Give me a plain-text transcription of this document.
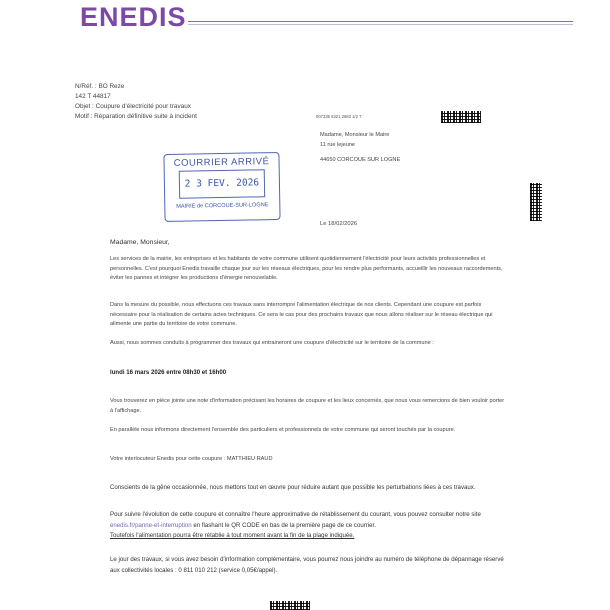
ENEDIS
N/Réf. : BO Reze
142 T 44817
Objet : Coupure d'électricité pour travaux
Motif : Réparation définitive suite à incident	007335 6321 2683 1/2 7
Madame, Monsieur le Maire
11 rue lejeune
44650 CORCOUE SUR LOGNE
COURRIER ARRIVÉ
2 3 FEV. 2026
MAIRIE de CORCOUE-SUR-LOGNE
Le 18/02/2026
Madame, Monsieur,

Les services de la mairie, les entreprises et les habitants de votre commune utilisent quotidiennement l'électricité pour leurs activités professionnelles et personnelles. C'est pourquoi Enedis travaille chaque jour sur les réseaux électriques, pour les rendre plus performants, accueillir les nouveaux raccordements, éviter les pannes et intégrer les productions d'énergie renouvelable.

Dans la mesure du possible, nous effectuons ces travaux sans interrompre l'alimentation électrique de nos clients. Cependant une coupure est parfois nécessaire pour la réalisation de certains actes techniques. Ce sera le cas pour des prochains travaux que nous allons réaliser sur le réseau électrique qui alimente une partie du territoire de votre commune.

Aussi, nous sommes conduits à programmer des travaux qui entraineront une coupure d'électricité sur le territoire de la commune :

lundi 16 mars 2026 entre 08h30 et 16h00

Vous trouverez en pièce jointe une note d'information précisant les horaires de coupure et les lieux concernés, que nous vous remercions de bien vouloir porter à l'affichage.

En parallèle nous informons directement l'ensemble des particuliers et professionnels de votre commune qui seront touchés par la coupure.

Votre interlocuteur Enedis pour cette coupure : MATTHIEU RAUD

Conscients de la gêne occasionnée, nous mettons tout en œuvre pour réduire autant que possible les perturbations liées à ces travaux.

Pour suivre l'évolution de cette coupure et connaître l'heure approximative de rétablissement du courant, vous pouvez consulter notre site enedis.fr/panne-et-interruption en flashant le QR CODE en bas de la première page de ce courrier.
Toutefois l'alimentation pourra être rétablie à tout moment avant la fin de la plage indiquée.

Le jour des travaux, si vous avez besoin d'information complémentaire, vous pourrez nous joindre au numéro de téléphone de dépannage réservé aux collectivités locales : 0 811 010 212 (service 0,05€/appel).
